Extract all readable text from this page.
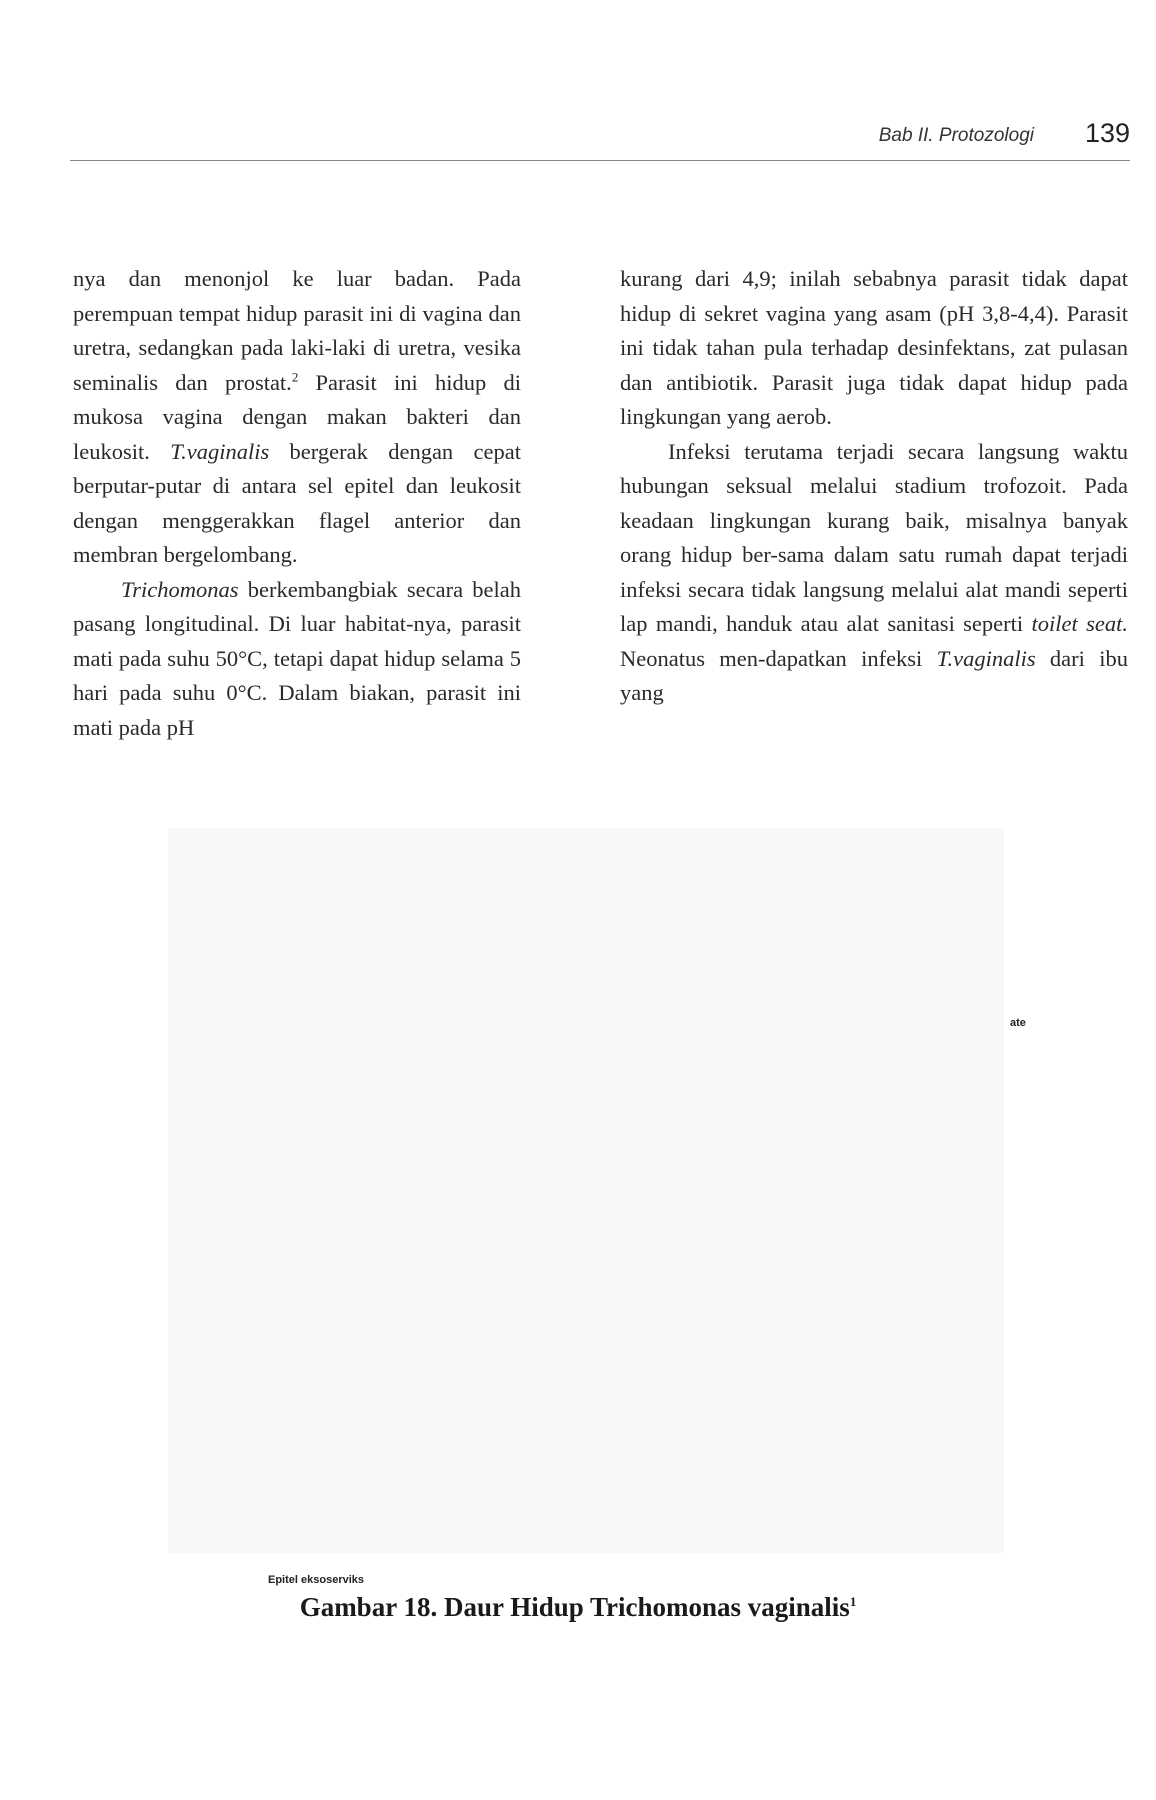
Bab II. Protozologi 139

nya dan menonjol ke luar badan. Pada perempuan tempat hidup parasit ini di vagina dan uretra, sedangkan pada laki-laki di uretra, vesika seminalis dan prostat.$^2$ Parasit ini hidup di mukosa vagina dengan makan bakteri dan leukosit. T.vaginalis bergerak dengan cepat berputar-putar di antara sel epitel dan leukosit dengan menggerakkan flagel anterior dan membran bergelombang.

Trichomonas berkembangbiak secara belah pasang longitudinal. Di luar habitat-nya, parasit mati pada suhu 50°C, tetapi dapat hidup selama 5 hari pada suhu 0°C. Dalam biakan, parasit ini mati pada pH

kurang dari 4,9; inilah sebabnya parasit tidak dapat hidup di sekret vagina yang asam (pH 3,8-4,4). Parasit ini tidak tahan pula terhadap desinfektans, zat pulasan dan antibiotik. Parasit juga tidak dapat hidup pada lingkungan yang aerob.

Infeksi terutama terjadi secara langsung waktu hubungan seksual melalui stadium trofozoit. Pada keadaan lingkungan kurang baik, misalnya banyak orang hidup ber-sama dalam satu rumah dapat terjadi infeksi secara tidak langsung melalui alat mandi seperti lap mandi, handuk atau alat sanitasi seperti toilet seat. Neonatus men-dapatkan infeksi T.vaginalis dari ibu yang

ate
Epitel eksoserviks
Gambar 18. Daur Hidup Trichomonas vaginalis$^1$
